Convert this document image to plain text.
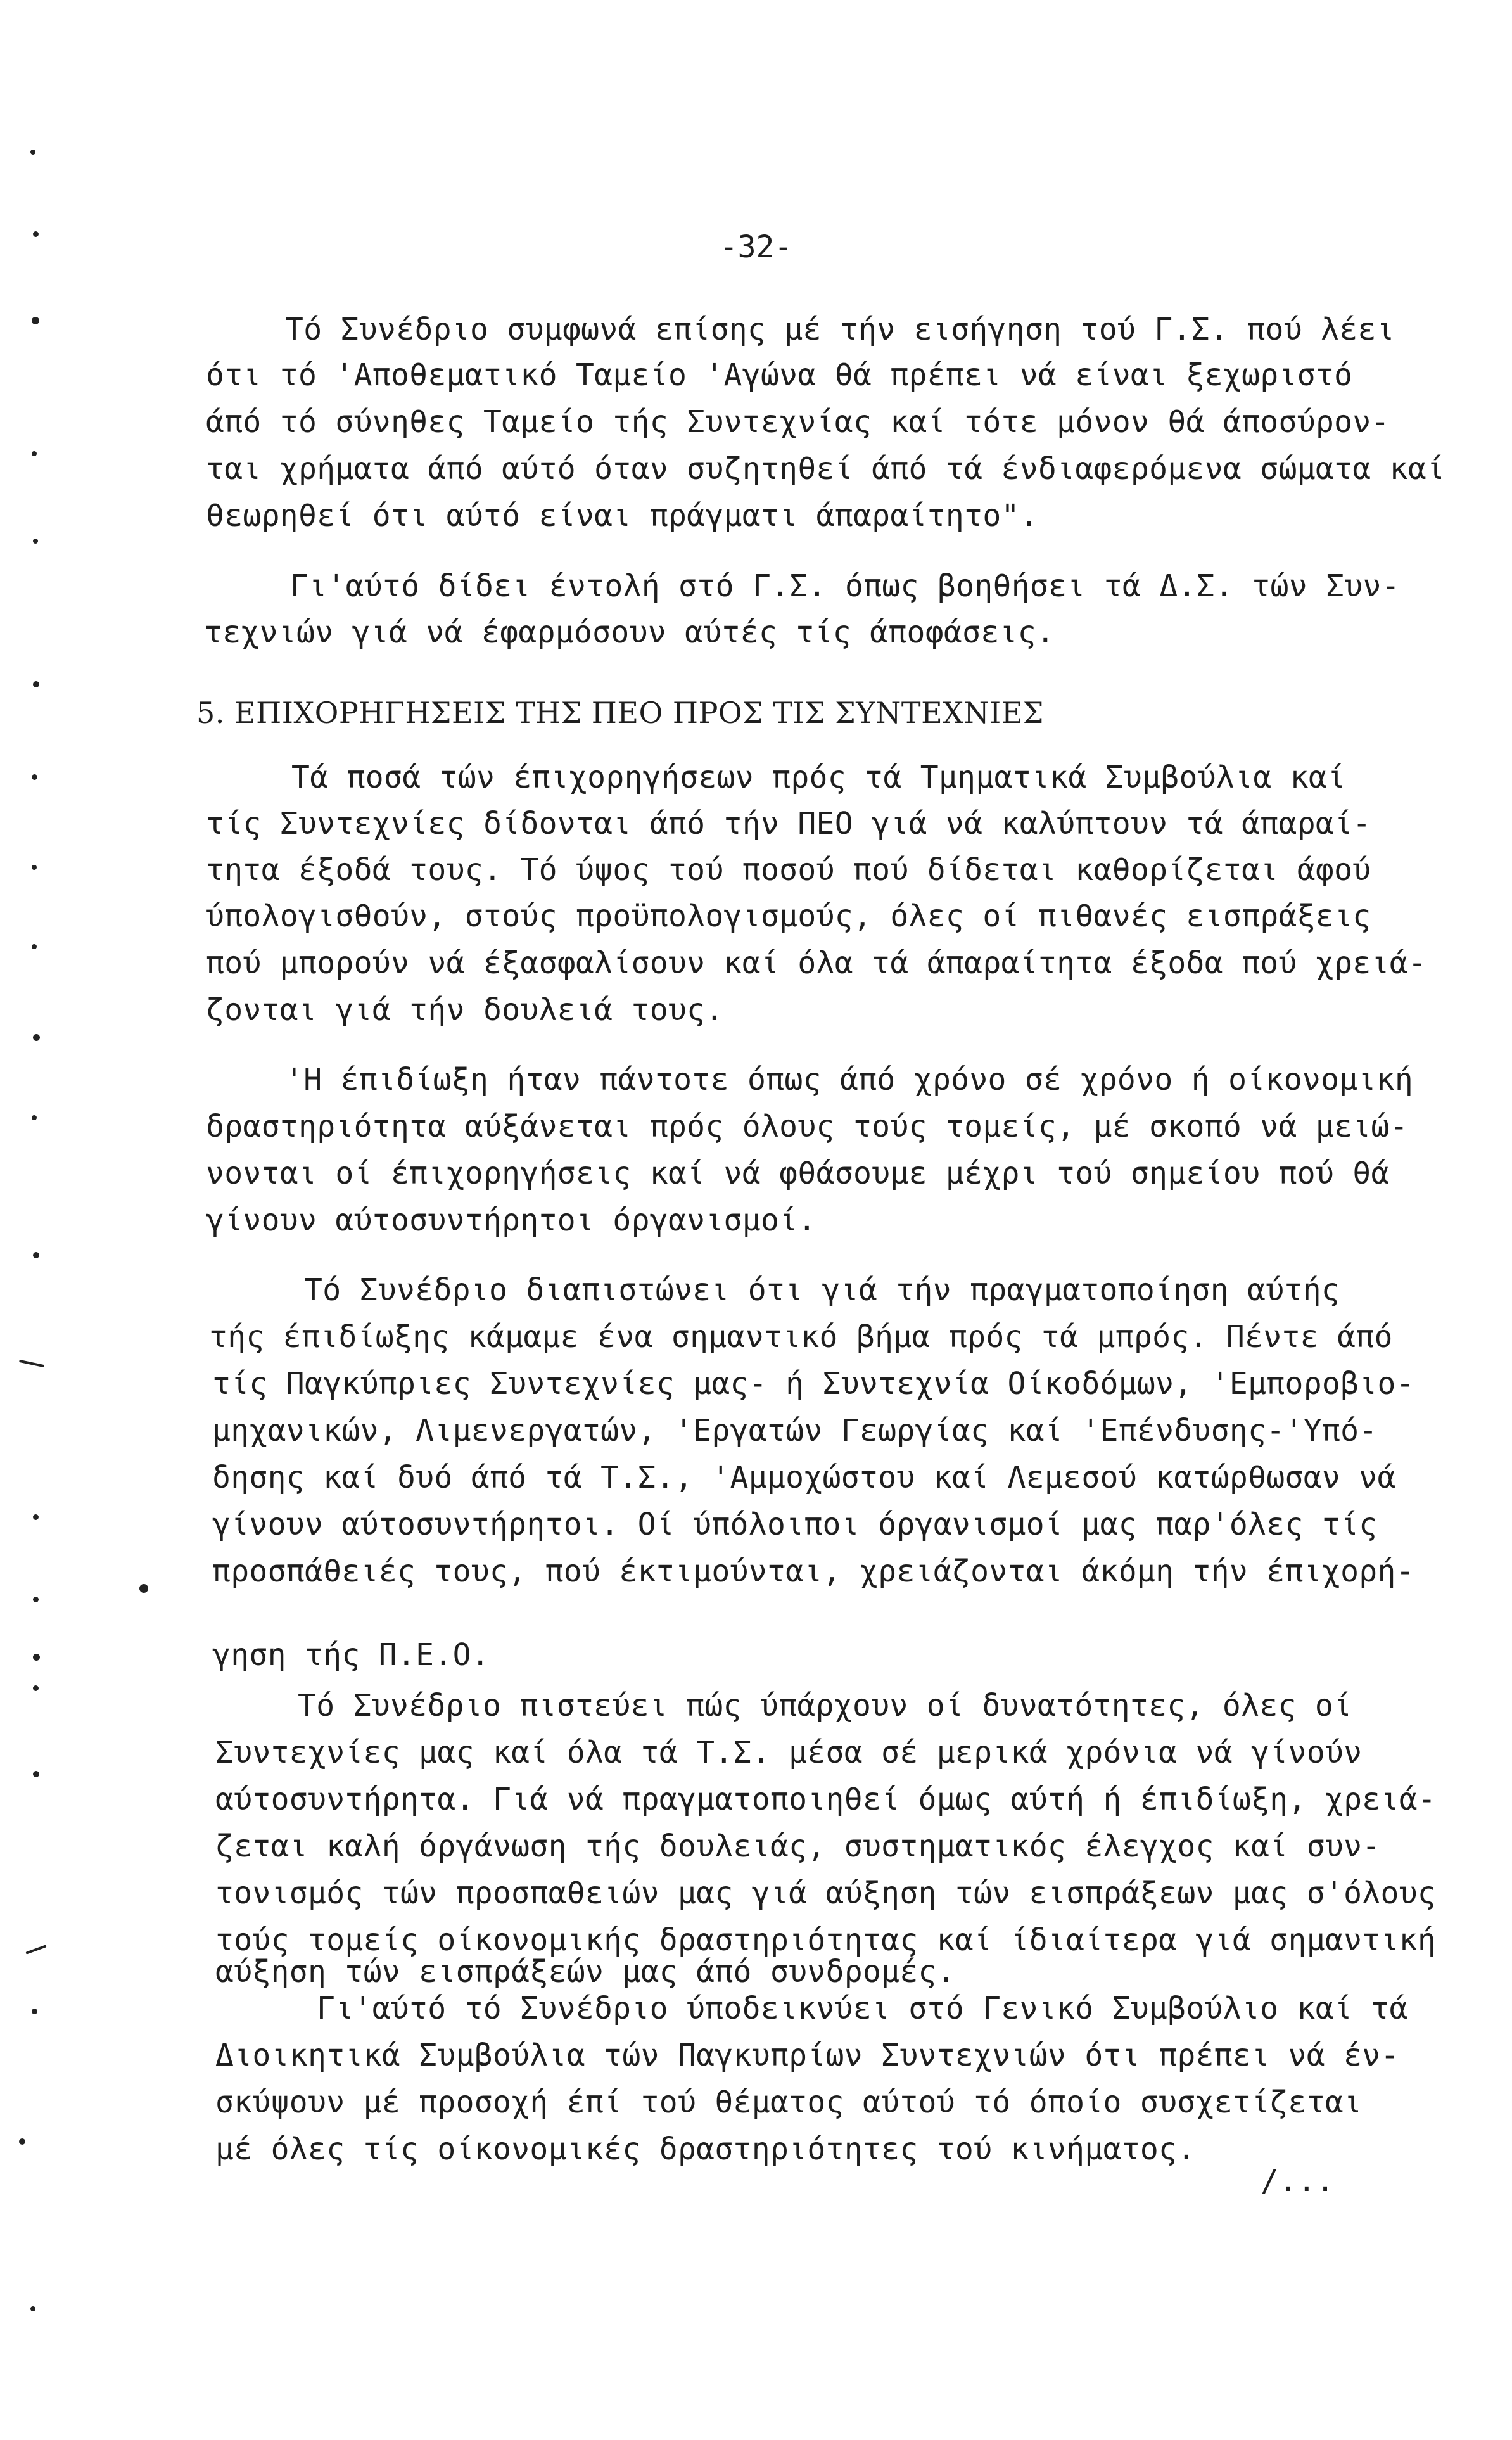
-32-
Τό Συνέδριο συμφωνά επίσης μέ τήν εισήγηση τού Γ.Σ. πού λέει
ότι τό 'Αποθεματικό Ταμείο 'Αγώνα θά πρέπει νά είναι ξεχωριστό
άπό τό σύνηθες Ταμείο τής Συντεχνίας καί τότε μόνον θά άποσύρον-
ται χρήματα άπό αύτό όταν συζητηθεί άπό τά ένδιαφερόμενα σώματα καί
θεωρηθεί ότι αύτό είναι πράγματι άπαραίτητο".
Γι'αύτό δίδει έντολή στό Γ.Σ. όπως βοηθήσει τά Δ.Σ. τών Συν-
τεχνιών γιά νά έφαρμόσουν αύτές τίς άποφάσεις.
5. ΕΠΙΧΟΡΗΓΗΣΕΙΣ ΤΗΣ ΠΕΟ ΠΡΟΣ ΤΙΣ ΣΥΝΤΕΧΝΙΕΣ
Τά ποσά τών έπιχορηγήσεων πρός τά Τμηματικά Συμβούλια καί
τίς Συντεχνίες δίδονται άπό τήν ΠΕΟ γιά νά καλύπτουν τά άπαραί-
τητα έξοδά τους. Τό ύψος τού ποσού πού δίδεται καθορίζεται άφού
ύπολογισθούν, στούς προϋπολογισμούς, όλες οί πιθανές εισπράξεις
πού μπορούν νά έξασφαλίσουν καί όλα τά άπαραίτητα έξοδα πού χρειά-
ζονται γιά τήν δουλειά τους.
'Η έπιδίωξη ήταν πάντοτε όπως άπό χρόνο σέ χρόνο ή οίκονομική
δραστηριότητα αύξάνεται πρός όλους τούς τομείς, μέ σκοπό νά μειώ-
νονται οί έπιχορηγήσεις καί νά φθάσουμε μέχρι τού σημείου πού θά
γίνουν αύτοσυντήρητοι όργανισμοί.
Τό Συνέδριο διαπιστώνει ότι γιά τήν πραγματοποίηση αύτής
τής έπιδίωξης κάμαμε ένα σημαντικό βήμα πρός τά μπρός. Πέντε άπό
τίς Παγκύπριες Συντεχνίες μας- ή Συντεχνία Οίκοδόμων, 'Εμποροβιο-
μηχανικών, Λιμενεργατών, 'Εργατών Γεωργίας καί 'Επένδυσης-'Υπό-
δησης καί δυό άπό τά Τ.Σ., 'Αμμοχώστου καί Λεμεσού κατώρθωσαν νά
γίνουν αύτοσυντήρητοι. Οί ύπόλοιποι όργανισμοί μας παρ'όλες τίς
προσπάθειές τους, πού έκτιμούνται, χρειάζονται άκόμη τήν έπιχορή-
γηση τής Π.Ε.Ο.
Τό Συνέδριο πιστεύει πώς ύπάρχουν οί δυνατότητες, όλες οί
Συντεχνίες μας καί όλα τά Τ.Σ. μέσα σέ μερικά χρόνια νά γίνούν
αύτοσυντήρητα. Γιά νά πραγματοποιηθεί όμως αύτή ή έπιδίωξη, χρειά-
ζεται καλή όργάνωση τής δουλειάς, συστηματικός έλεγχος καί συν-
τονισμός τών προσπαθειών μας γιά αύξηση τών εισπράξεων μας σ'όλους
τούς τομείς οίκονομικής δραστηριότητας καί ίδιαίτερα γιά σημαντική
αύξηση τών εισπράξεών μας άπό συνδρομές.
Γι'αύτό τό Συνέδριο ύποδεικνύει στό Γενικό Συμβούλιο καί τά
Διοικητικά Συμβούλια τών Παγκυπρίων Συντεχνιών ότι πρέπει νά έν-
σκύψουν μέ προσοχή έπί τού θέματος αύτού τό όποίο συσχετίζεται
μέ όλες τίς οίκονομικές δραστηριότητες τού κινήματος.
/...
